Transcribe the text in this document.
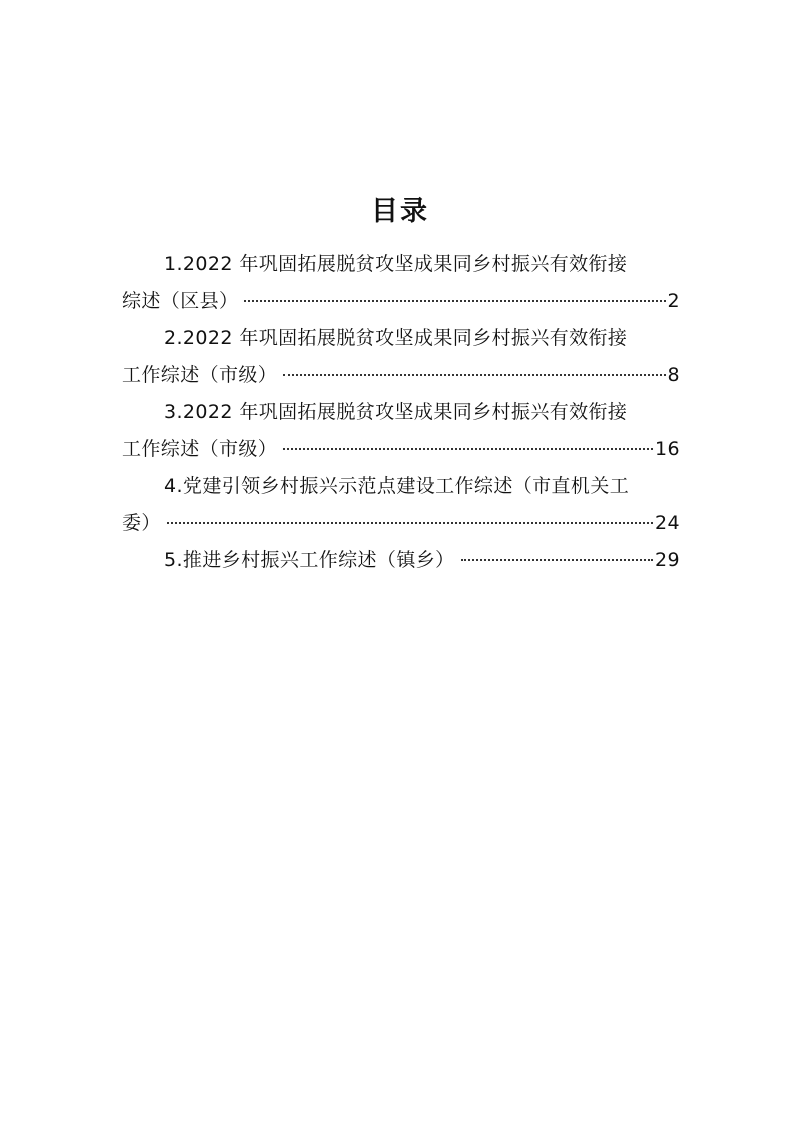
目录
1.2022 年巩固拓展脱贫攻坚成果同乡村振兴有效衔接
综述（区县）	2
2.2022 年巩固拓展脱贫攻坚成果同乡村振兴有效衔接
工作综述（市级）	8
3.2022 年巩固拓展脱贫攻坚成果同乡村振兴有效衔接
工作综述（市级）	16
4.党建引领乡村振兴示范点建设工作综述（市直机关工
委）	24
5.推进乡村振兴工作综述（镇乡）	29
